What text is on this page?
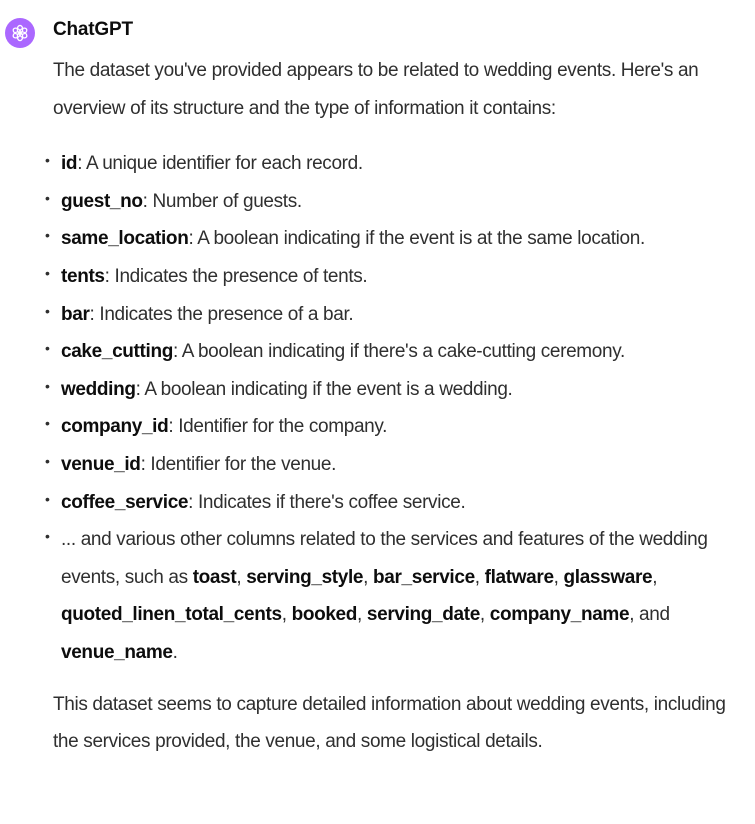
ChatGPT

The dataset you've provided appears to be related to wedding events. Here's an overview of its structure and the type of information it contains:

• id: A unique identifier for each record.
• guest_no: Number of guests.
• same_location: A boolean indicating if the event is at the same location.
• tents: Indicates the presence of tents.
• bar: Indicates the presence of a bar.
• cake_cutting: A boolean indicating if there's a cake-cutting ceremony.
• wedding: A boolean indicating if the event is a wedding.
• company_id: Identifier for the company.
• venue_id: Identifier for the venue.
• coffee_service: Indicates if there's coffee service.
• ... and various other columns related to the services and features of the wedding events, such as toast, serving_style, bar_service, flatware, glassware, quoted_linen_total_cents, booked, serving_date, company_name, and venue_name.

This dataset seems to capture detailed information about wedding events, including the services provided, the venue, and some logistical details.
